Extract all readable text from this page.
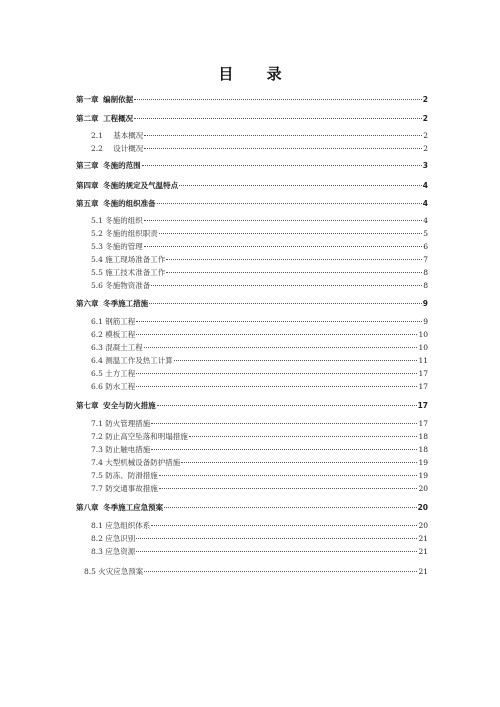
目 录
第一章 编制依据	2
第二章 工程概况	2
2.1 基本概况	2
2.2 设计概况	2
第三章 冬施的范围	3
第四章 冬施的规定及气温特点	4
第五章 冬施的组织准备	4
5.1 冬施的组织	4
5.2 冬施的组织职责	5
5.3 冬施的管理	6
5.4 施工现场准备工作	7
5.5 施工技术准备工作	8
5.6 冬施物资准备	8
第六章 冬季施工措施	9
6.1 钢筋工程	9
6.2 模板工程	10
6.3 混凝土工程	10
6.4 测温工作及热工计算	11
6.5 土方工程	17
6.6 防水工程	17
第七章 安全与防火措施	17
7.1 防火管理措施	17
7.2 防止高空坠落和明塌措施	18
7.3 防止触电措施	18
7.4 大型机械设备防护措施	19
7.5 防冻、防滑措施	19
7.7 防交通事故措施	20
第八章 冬季施工应急预案	20
8.1 应急组织体系	20
8.2 应急识别	21
8.3 应急资源	21
8.5 火灾应急预案	21
